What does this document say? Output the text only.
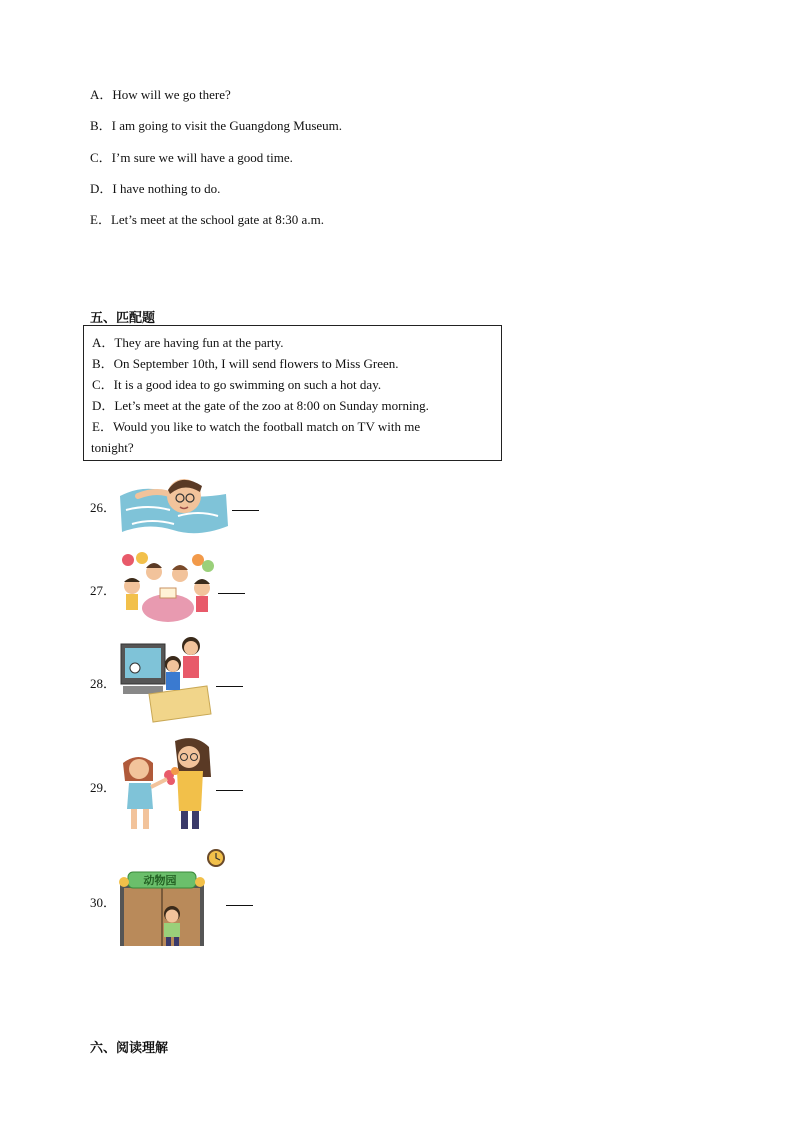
A．How will we go there?
B．I am going to visit the Guangdong Museum.
C．I’m sure we will have a good time.
D．I have nothing to do.
E．Let’s meet at the school gate at 8:30 a.m.
五、匹配题
A．They are having fun at the party.
B．On September 10th, I will send flowers to Miss Green.
C．It is a good idea to go swimming on such a hot day.
D．Let’s meet at the gate of the zoo at 8:00 on Sunday morning.
E．Would you like to watch the football match on TV with me
tonight?
26．
27．
28．
29．
30．
动物园
六、阅读理解
